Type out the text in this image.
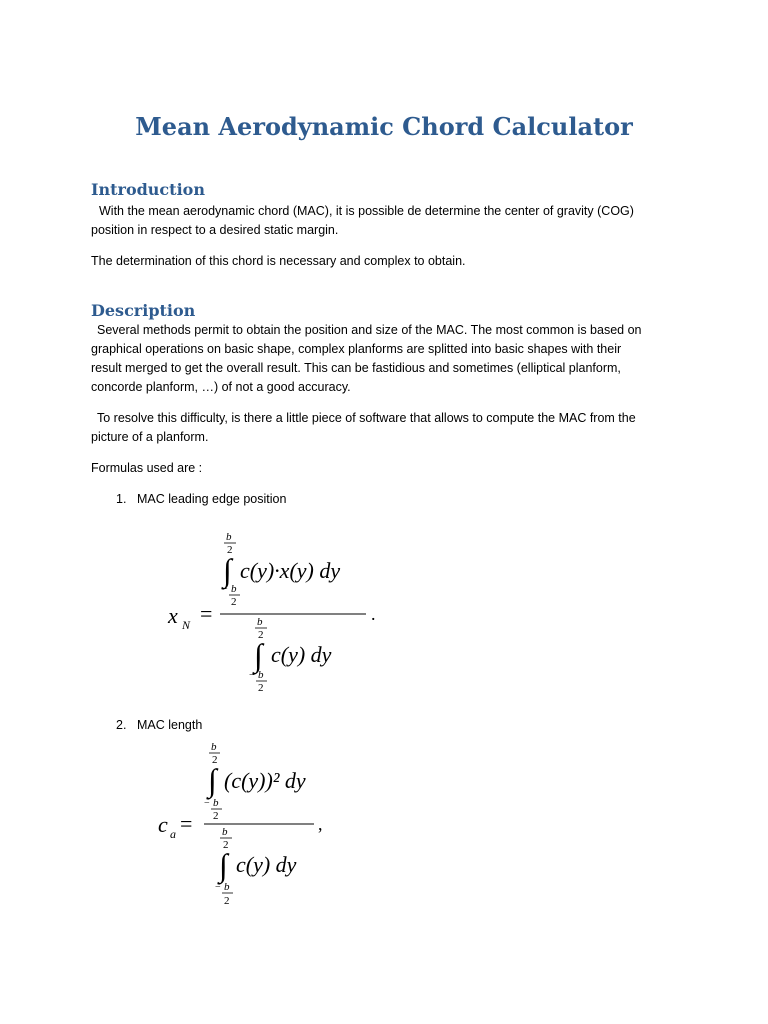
Mean Aerodynamic Chord Calculator
Introduction
With the mean aerodynamic chord (MAC), it is possible de determine the center of gravity (COG)
position in respect to a desired static margin.
The determination of this chord is necessary and complex to obtain.
Description
Several methods permit to obtain the position and size of the MAC. The most common is based on
graphical operations on basic shape, complex planforms are splitted into basic shapes with their
result merged to get the overall result. This can be fastidious and sometimes (elliptical planform,
concorde planform, …) of not a good accuracy.
To resolve this difficulty, is there a little piece of software that allows to compute the MAC from the
picture of a planform.
Formulas used are :
1. MAC leading edge position
b
2
∫
− b
2
c(y)·x(y) dy
x N =	.
b
2
∫
− b
2
c(y) dy
2. MAC length
b
2
∫
− b
2
(c(y))² dy
c a =	,
b
2
∫
− b
2
c(y) dy
